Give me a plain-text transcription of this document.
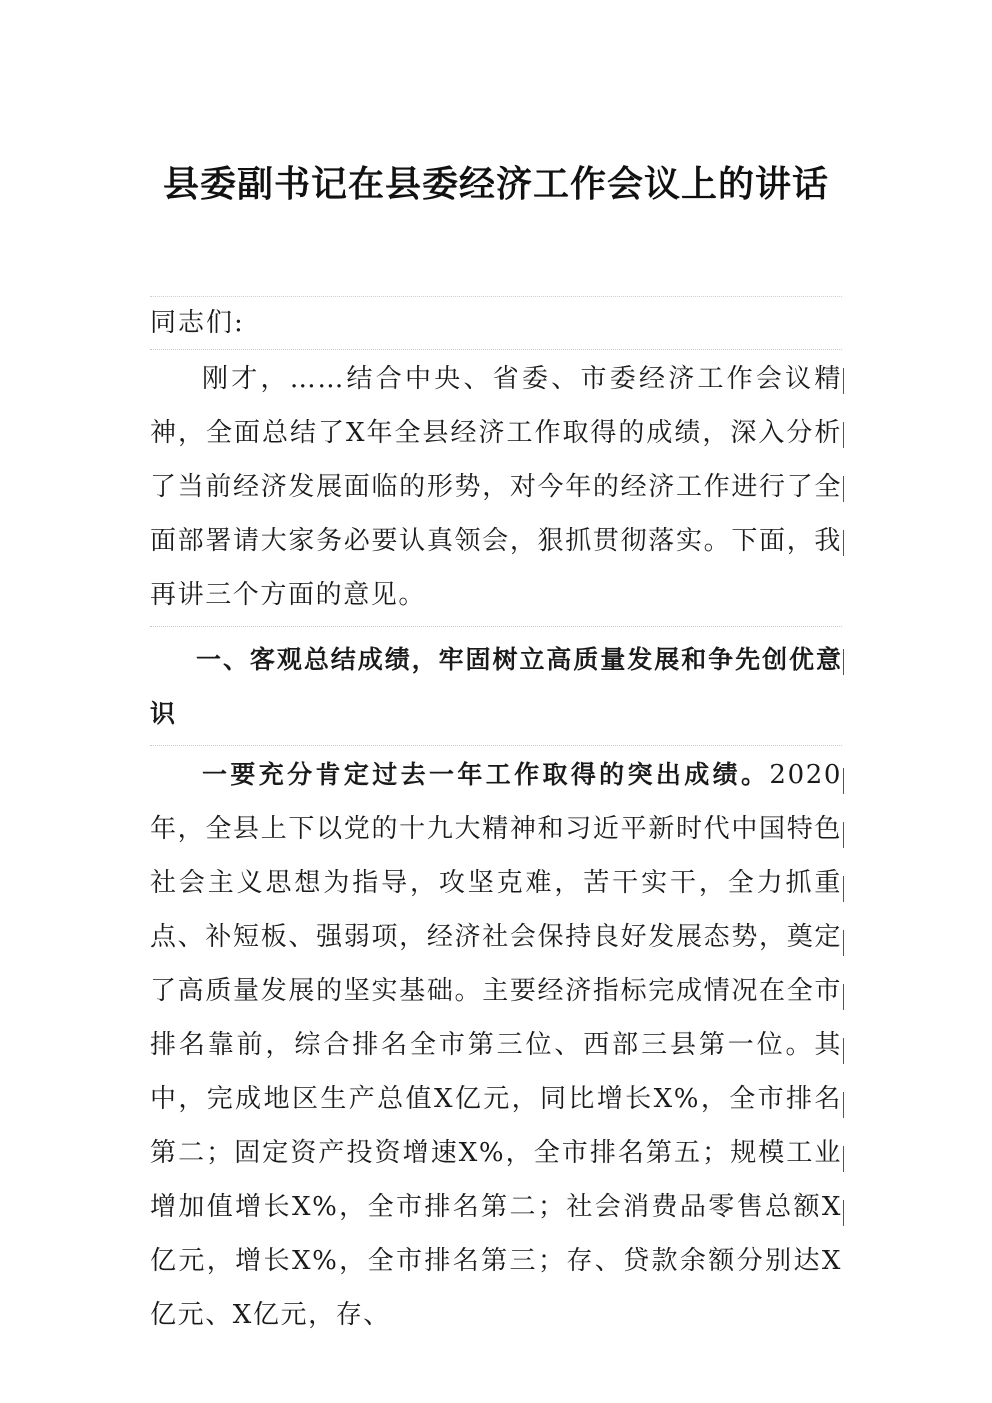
县委副书记在县委经济工作会议上的讲话
同志们:
刚才，……结合中央、省委、市委经济工作会议精神，全面总结了X年全县经济工作取得的成绩，深入分析了当前经济发展面临的形势，对今年的经济工作进行了全面部署请大家务必要认真领会，狠抓贯彻落实。下面，我再讲三个方面的意见。
一、客观总结成绩，牢固树立高质量发展和争先创优意识
一要充分肯定过去一年工作取得的突出成绩。2020年，全县上下以党的十九大精神和习近平新时代中国特色社会主义思想为指导，攻坚克难，苦干实干，全力抓重点、补短板、强弱项，经济社会保持良好发展态势，奠定了高质量发展的坚实基础。主要经济指标完成情况在全市排名靠前，综合排名全市第三位、西部三县第一位。其中，完成地区生产总值X亿元，同比增长X%，全市排名第二；固定资产投资增速X%，全市排名第五；规模工业增加值增长X%，全市排名第二；社会消费品零售总额X亿元，增长X%，全市排名第三；存、贷款余额分别达X亿元、X亿元，存、
